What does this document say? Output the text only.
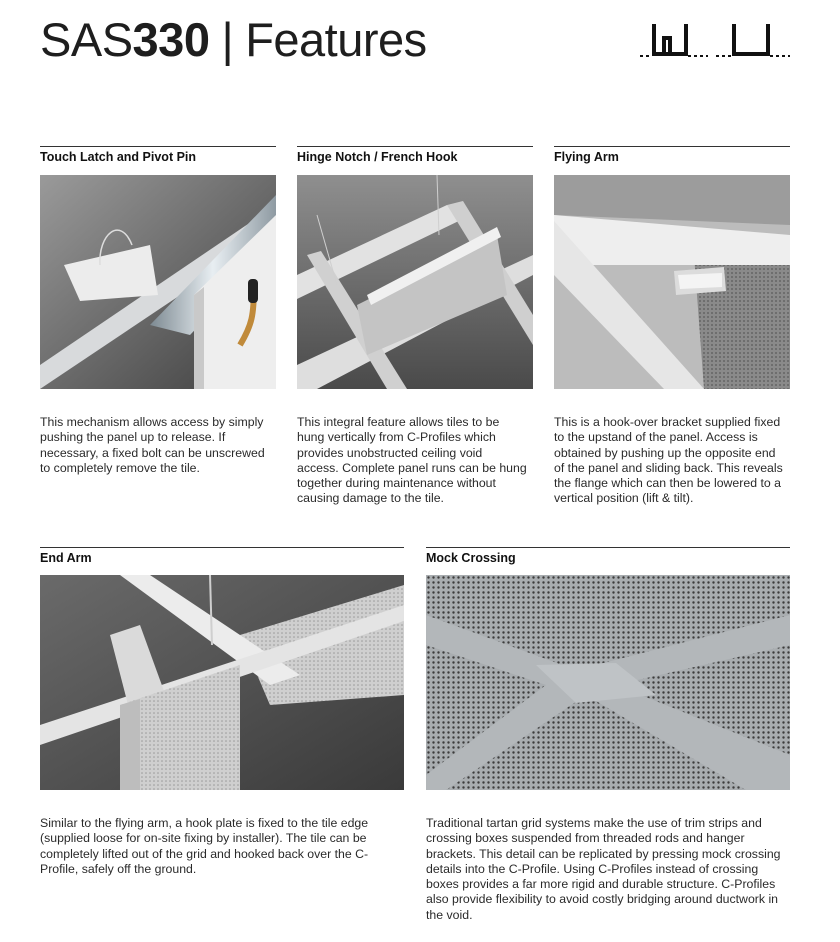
SAS330 | Features
Touch Latch and Pivot Pin

This mechanism allows access by simply pushing the panel up to release. If necessary, a fixed bolt can be unscrewed to completely remove the tile.

Hinge Notch / French Hook

This integral feature allows tiles to be hung vertically from C-Profiles which provides unobstructed ceiling void access. Complete panel runs can be hung together during maintenance without causing damage to the tile.

Flying Arm

This is a hook-over bracket supplied fixed to the upstand of the panel. Access is obtained by pushing up the opposite end of the panel and sliding back. This reveals the flange which can then be lowered to a vertical position (lift & tilt).

End Arm

Similar to the flying arm, a hook plate is fixed to the tile edge (supplied loose for on-site fixing by installer). The tile can be completely lifted out of the grid and hooked back over the C-Profile, safely off the ground.

Mock Crossing

Traditional tartan grid systems make the use of trim strips and crossing boxes suspended from threaded rods and hanger brackets. This detail can be replicated by pressing mock crossing details into the C-Profile. Using C-Profiles instead of crossing boxes provides a far more rigid and durable structure. C-Profiles also provide flexibility to avoid costly bridging around ductwork in the void.
